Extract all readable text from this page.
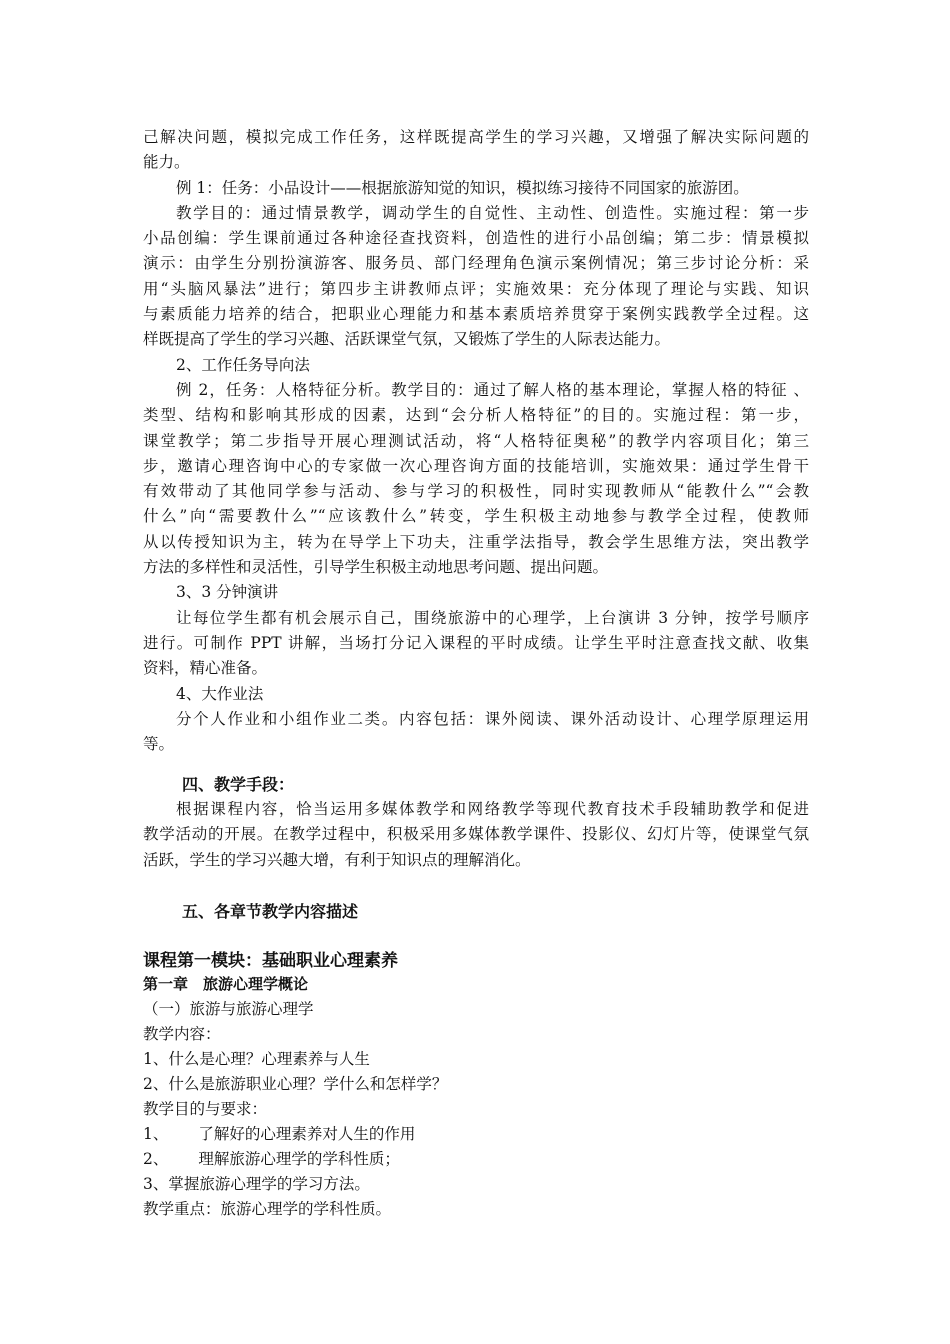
己解决问题，模拟完成工作任务，这样既提高学生的学习兴趣，又增强了解决实际问题的
能力。
例 1：任务：小品设计——根据旅游知觉的知识，模拟练习接待不同国家的旅游团。
教学目的：通过情景教学，调动学生的自觉性、主动性、创造性。实施过程：第一步
小品创编：学生课前通过各种途径查找资料，创造性的进行小品创编；第二步：情景模拟
演示：由学生分别扮演游客、服务员、部门经理角色演示案例情况；第三步讨论分析：采
用“头脑风暴法”进行；第四步主讲教师点评；实施效果：充分体现了理论与实践、知识
与素质能力培养的结合，把职业心理能力和基本素质培养贯穿于案例实践教学全过程。这
样既提高了学生的学习兴趣、活跃课堂气氛，又锻炼了学生的人际表达能力。
2、工作任务导向法
例 2，任务：人格特征分析。教学目的：通过了解人格的基本理论，掌握人格的特征 、
类型、结构和影响其形成的因素，达到“会分析人格特征”的目的。实施过程：第一步，
课堂教学；第二步指导开展心理测试活动，将“人格特征奥秘”的教学内容项目化；第三
步，邀请心理咨询中心的专家做一次心理咨询方面的技能培训，实施效果：通过学生骨干
有效带动了其他同学参与活动、参与学习的积极性，同时实现教师从“能教什么”“会教
什么”向“需要教什么”“应该教什么”转变，学生积极主动地参与教学全过程，使教师
从以传授知识为主，转为在导学上下功夫，注重学法指导，教会学生思维方法，突出教学
方法的多样性和灵活性，引导学生积极主动地思考问题、提出问题。
3、3 分钟演讲
让每位学生都有机会展示自己，围绕旅游中的心理学，上台演讲 3 分钟，按学号顺序
进行。可制作 PPT 讲解，当场打分记入课程的平时成绩。让学生平时注意查找文献、收集
资料，精心准备。
4、大作业法
分个人作业和小组作业二类。内容包括：课外阅读、课外活动设计、心理学原理运用
等。
四、教学手段：
根据课程内容，恰当运用多媒体教学和网络教学等现代教育技术手段辅助教学和促进
教学活动的开展。在教学过程中，积极采用多媒体教学课件、投影仪、幻灯片等，使课堂气氛
活跃，学生的学习兴趣大增，有利于知识点的理解消化。
五、各章节教学内容描述
课程第一模块：基础职业心理素养
第一章　旅游心理学概论
（一）旅游与旅游心理学
教学内容：
1、什么是心理？心理素养与人生
2、什么是旅游职业心理？学什么和怎样学？
教学目的与要求：
1、 了解好的心理素养对人生的作用
2、 理解旅游心理学的学科性质；
3、掌握旅游心理学的学习方法。
教学重点：旅游心理学的学科性质。
